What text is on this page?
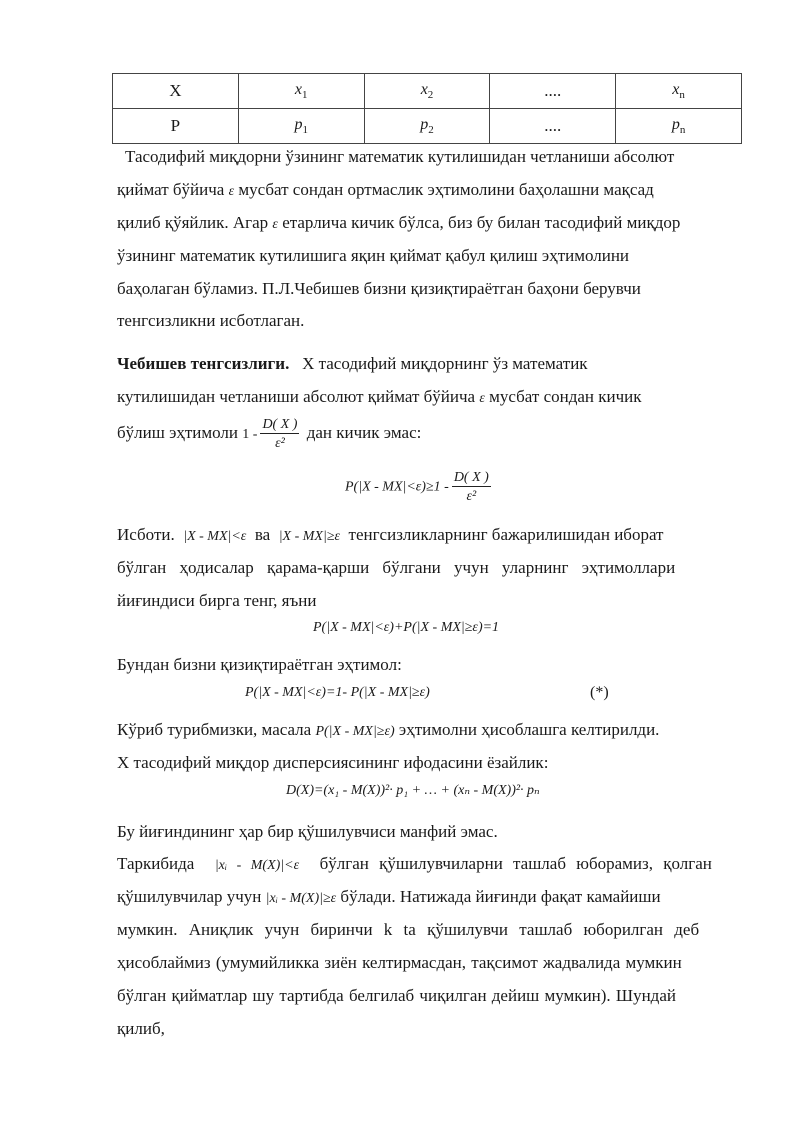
X	$x_1$	$x_2$	....	$x_n$
P	$p_1$	$p_2$	....	$p_n$

Тасодифий миқдорни ўзининг математик кутилишидан четланиши абсолют

қиймат бўйича ε мусбат сондан ортмаслик эҳтимолини баҳолашни мақсад

қилиб қўяйлик. Агар ε етарлича кичик бўлса, биз бу билан тасодифий миқдор

ўзининг математик кутилишига яқин қиймат қабул қилиш эҳтимолини

баҳолаган бўламиз. П.Л.Чебишев бизни қизиқтираётган баҳони берувчи

тенгсизликни исботлаган.

Чебишев тенгсизлиги. Х тасодифий миқдорнинг ўз математик

кутилишидан четланиши абсолют қиймат бўйича ε мусбат сондан кичик

бўлиш эҳтимоли $1 - \frac{D( X )}{\text{ε²}}$ дан кичик эмас:
$P(|X - MX|<\varepsilon)\ge 1 - \frac{D( X )}{\text{ε²}}$

Исботи. |X - MX|<ε ва |X - MX|≥ε тенгсизликларнинг бажарилишидан иборат

бўлган ҳодисалар қарама-қарши бўлгани учун уларнинг эҳтимоллари

йиғиндиси бирга тенг, яъни

P(|X - MX|<ε)+P(|X - MX|≥ε)=1

Бундан бизни қизиқтираётган эҳтимол:

P(|X - MX|<ε)=1- P(|X - MX|≥ε)	(*)

Кўриб турибмизки, масала P(|X - MX|≥ε) эҳтимолни ҳисоблашга келтирилди.

Х тасодифий миқдор дисперсиясининг ифодасини ёзайлик:

D(X)=(x₁ - M(X))²· p₁ + … + (xₙ - M(X))²· pₙ

Бу йиғиндининг ҳар бир қўшилувчиси манфий эмас.

Таркибида |xᵢ - M(X)|<ε бўлган қўшилувчиларни ташлаб юборамиз, қолган

қўшилувчилар учун |xᵢ - M(X)|≥ε бўлади. Натижада йиғинди фақат камайиши

мумкин. Аниқлик учун биринчи k ta қўшилувчи ташлаб юборилган деб

ҳисоблаймиз (умумийликка зиён келтирмасдан, тақсимот жадвалида мумкин

бўлган қийматлар шу тартибда белгилаб чиқилган дейиш мумкин). Шундай

қилиб,
